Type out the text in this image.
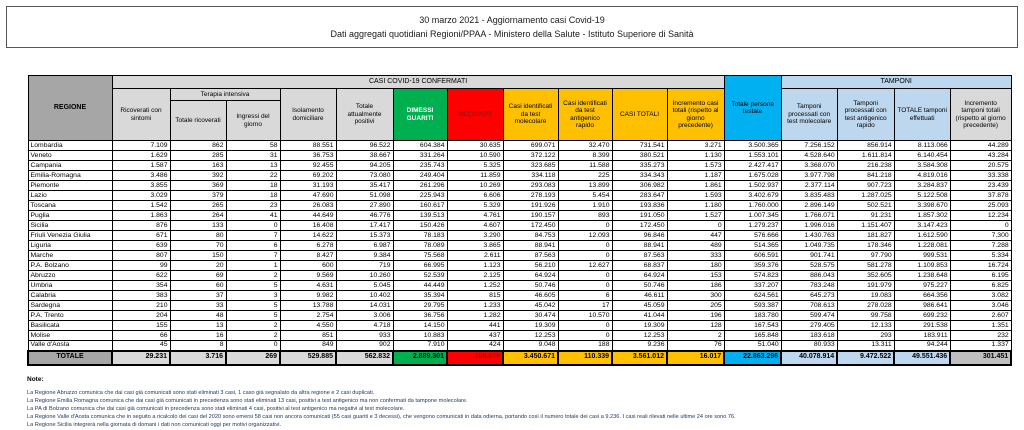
30 marzo 2021 - Aggiornamento casi Covid-19
Dati aggregati quotidiani Regioni/PPAA - Ministero della Salute - Istituto Superiore di Sanità
REGIONE	CASI COVID-19 CONFERMATI											Totale persone testate	TAMPONI			
	Ricoverati con sintomi	Terapia intensiva		Isolamento domiciliare	Totale attualmente positivi	DIMESSI GUARITI	DECEDUTI	Casi identificati da test molecolare	Casi identificati da test antigenico rapido	CASI TOTALI	Incremento casi totali (rispetto al giorno precedente)		Tamponi processati con test molecolare	Tamponi processati con test antigenico rapido	TOTALE tamponi effettuati	Incremento tamponi totali (rispetto al giorno precedente)
		Totale ricoverati	Ingressi del giorno													
Lombardia	7.109	862	58	88.551	96.522	604.384	30.635	699.071	32.470	731.541	3.271	3.500.365	7.256.152	856.914	8.113.066	44.289
Veneto	1.629	285	31	36.753	38.667	331.264	10.590	372.122	8.399	380.521	1.130	1.553.101	4.528.640	1.611.814	6.140.454	43.284
Campania	1.587	163	13	92.455	94.205	235.743	5.325	323.685	11.588	335.273	1.573	2.427.417	3.368.070	216.238	3.584.308	20.575
Emilia-Romagna	3.486	392	22	69.202	73.080	249.404	11.859	334.118	225	334.343	1.187	1.675.028	3.977.798	841.218	4.819.016	33.338
Piemonte	3.855	369	18	31.193	35.417	261.296	10.269	293.083	13.899	306.982	1.861	1.502.937	2.377.114	907.723	3.284.837	23.439
Lazio	3.029	379	18	47.690	51.098	225.943	6.606	278.193	5.454	283.647	1.593	3.402.679	3.835.483	1.287.025	5.122.508	37.878
Toscana	1.542	265	23	26.083	27.890	160.617	5.329	191.926	1.910	193.836	1.180	1.760.000	2.896.149	502.521	3.398.670	25.093
Puglia	1.863	264	41	44.649	46.776	139.513	4.761	190.157	893	191.050	1.527	1.007.345	1.766.071	91.231	1.857.302	12.234
Sicilia	876	133	0	16.408	17.417	150.426	4.607	172.450	0	172.450	0	1.279.237	1.996.016	1.151.407	3.147.423	0
Friuli Venezia Giulia	671	80	7	14.622	15.373	78.183	3.290	84.753	12.093	96.846	447	576.666	1.430.763	181.827	1.612.590	7.300
Liguria	639	70	6	6.278	6.987	78.089	3.865	88.941	0	88.941	489	514.365	1.049.735	178.346	1.228.081	7.288
Marche	807	150	7	8.427	9.384	75.568	2.611	87.563	0	87.563	333	606.591	901.741	97.790	999.531	5.334
P.A. Bolzano	99	20	1	600	719	66.995	1.123	56.210	12.627	68.837	180	359.376	528.575	581.278	1.109.853	16.724
Abruzzo	622	69	2	9.569	10.260	52.539	2.125	64.924	0	64.924	153	574.823	886.043	352.605	1.238.648	6.195
Umbria	354	60	5	4.631	5.045	44.449	1.252	50.746	0	50.746	186	337.207	783.248	191.979	975.227	6.825
Calabria	383	37	3	9.982	10.402	35.394	815	46.605	6	46.611	300	624.561	645.273	19.083	664.356	3.082
Sardegna	210	33	5	13.788	14.031	29.795	1.233	45.042	17	45.059	205	593.387	708.613	278.028	986.641	3.046
P.A. Trento	204	48	5	2.754	3.006	36.756	1.282	30.474	10.570	41.044	196	183.780	599.474	99.758	699.232	2.607
Basilicata	155	13	2	4.550	4.718	14.150	441	19.309	0	19.309	128	167.543	279.405	12.133	291.538	1.351
Molise	66	16	2	851	933	10.883	437	12.253	0	12.253	2	165.848	183.618	293	183.911	232
Valle d'Aosta	45	8	0	849	902	7.910	424	9.048	188	9.236	76	51.040	80.933	13.311	94.244	1.337
TOTALE	29.231	3.716	269	529.885	562.832	2.889.301	108.879	3.450.671	110.339	3.561.012	16.017	22.863.296	40.078.914	9.472.522	49.551.436	301.451
Note:
La Regione Abruzzo comunica che dai casi già comunicati sono stati eliminati 3 casi, 1 caso già segnalato da altra regione e 2 casi duplicati.
La Regione Emilia Romagna comunica che dai casi già comunicati in precedenza sono stati eliminati 13 casi, positivi a test antigenico ma non confermati da tampone molecolare.
La PA di Bolzano comunica che dai casi già comunicati in precedenza sono stati eliminati 4 casi, positivi al test antigenico ma negativi al test molecolare.
La Regione Valle d'Aosta comunica che in seguito a ricalcolo dei casi del 2020 sono emersi 58 casi non ancora comunicati (55 casi guariti e 3 decessi), che vengono comunicati in data odierna, portando così il numero totale dei casi a 9.236. I casi reali rilevati nelle ultime 24 ore sono 76.
La Regione Sicilia integrerà nella giornata di domani i dati non comunicati oggi per motivi organizzativi.
